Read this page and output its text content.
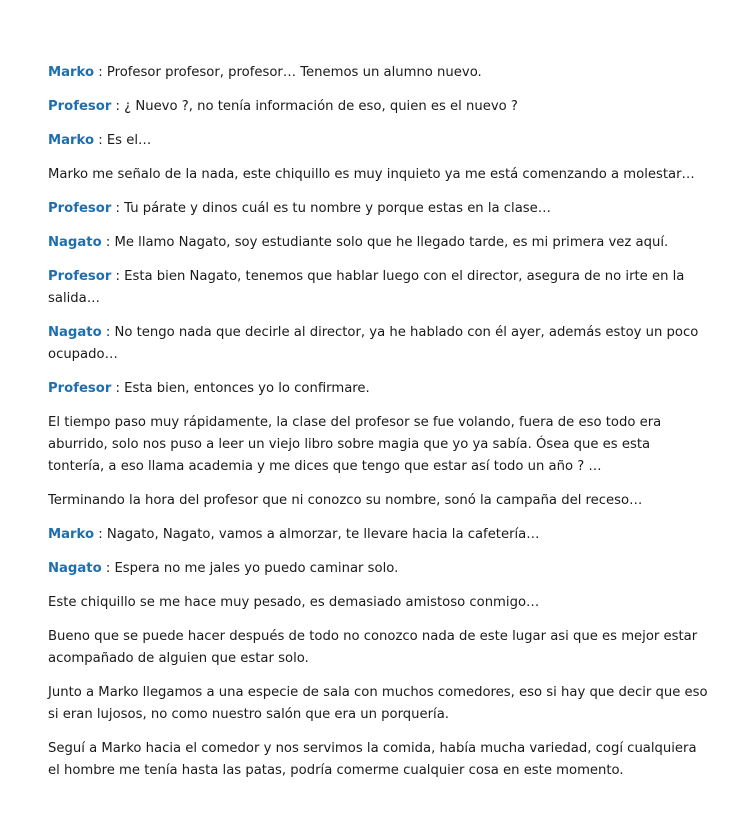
Marko : Profesor profesor, profesor… Tenemos un alumno nuevo.

Profesor : ¿ Nuevo ?, no tenía información de eso, quien es el nuevo ?

Marko : Es el…

Marko me señalo de la nada, este chiquillo es muy inquieto ya me está comenzando a molestar…

Profesor : Tu párate y dinos cuál es tu nombre y porque estas en la clase…

Nagato : Me llamo Nagato, soy estudiante solo que he llegado tarde, es mi primera vez aquí.

Profesor : Esta bien Nagato, tenemos que hablar luego con el director, asegura de no irte en la salida…

Nagato : No tengo nada que decirle al director, ya he hablado con él ayer, además estoy un poco ocupado…

Profesor : Esta bien, entonces yo lo confirmare.

El tiempo paso muy rápidamente, la clase del profesor se fue volando, fuera de eso todo era aburrido, solo nos puso a leer un viejo libro sobre magia que yo ya sabía. Ósea que es esta tontería, a eso llama academia y me dices que tengo que estar así todo un año ? …

Terminando la hora del profesor que ni conozco su nombre, sonó la campaña del receso…

Marko : Nagato, Nagato, vamos a almorzar, te llevare hacia la cafetería…

Nagato : Espera no me jales yo puedo caminar solo.

Este chiquillo se me hace muy pesado, es demasiado amistoso conmigo…

Bueno que se puede hacer después de todo no conozco nada de este lugar asi que es mejor estar acompañado de alguien que estar solo.

Junto a Marko llegamos a una especie de sala con muchos comedores, eso si hay que decir que eso si eran lujosos, no como nuestro salón que era un porquería.

Seguí a Marko hacia el comedor y nos servimos la comida, había mucha variedad, cogí cualquiera el hombre me tenía hasta las patas, podría comerme cualquier cosa en este momento.
